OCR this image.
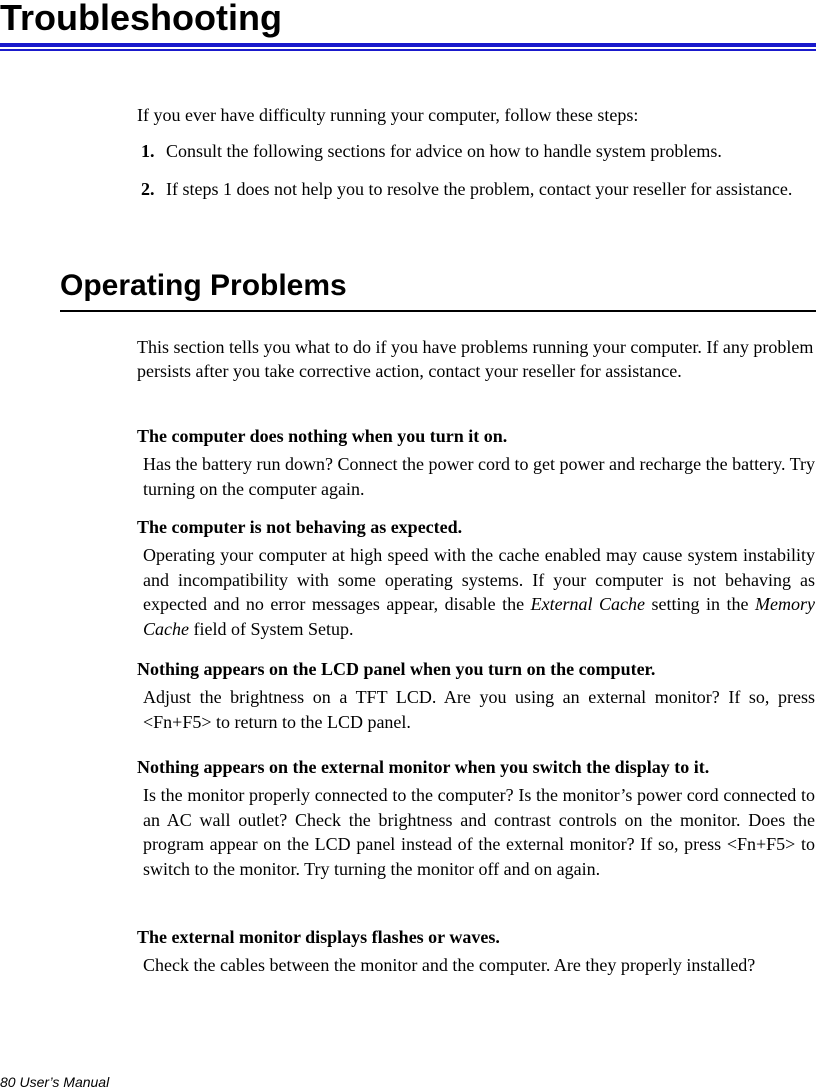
Troubleshooting

If you ever have difficulty running your computer, follow these steps:

1. Consult the following sections for advice on how to handle system problems.
2. If steps 1 does not help you to resolve the problem, contact your reseller for assistance.
Operating Problems

This section tells you what to do if you have problems running your computer. If any problem persists after you take corrective action, contact your reseller for assistance.

The computer does nothing when you turn it on.

Has the battery run down? Connect the power cord to get power and recharge the battery. Try turning on the computer again.

The computer is not behaving as expected.

Operating your computer at high speed with the cache enabled may cause system instability and incompatibility with some operating systems. If your computer is not behaving as expected and no error messages appear, disable the External Cache setting in the Memory Cache field of System Setup.

Nothing appears on the LCD panel when you turn on the computer.

Adjust the brightness on a TFT LCD. Are you using an external monitor? If so, press <Fn+F5> to return to the LCD panel.

Nothing appears on the external monitor when you switch the display to it.

Is the monitor properly connected to the computer? Is the monitor’s power cord connected to an AC wall outlet? Check the brightness and contrast controls on the monitor. Does the program appear on the LCD panel instead of the external monitor? If so, press <Fn+F5> to switch to the monitor. Try turning the monitor off and on again.

The external monitor displays flashes or waves.

Check the cables between the monitor and the computer. Are they properly installed?

80 User’s Manual
